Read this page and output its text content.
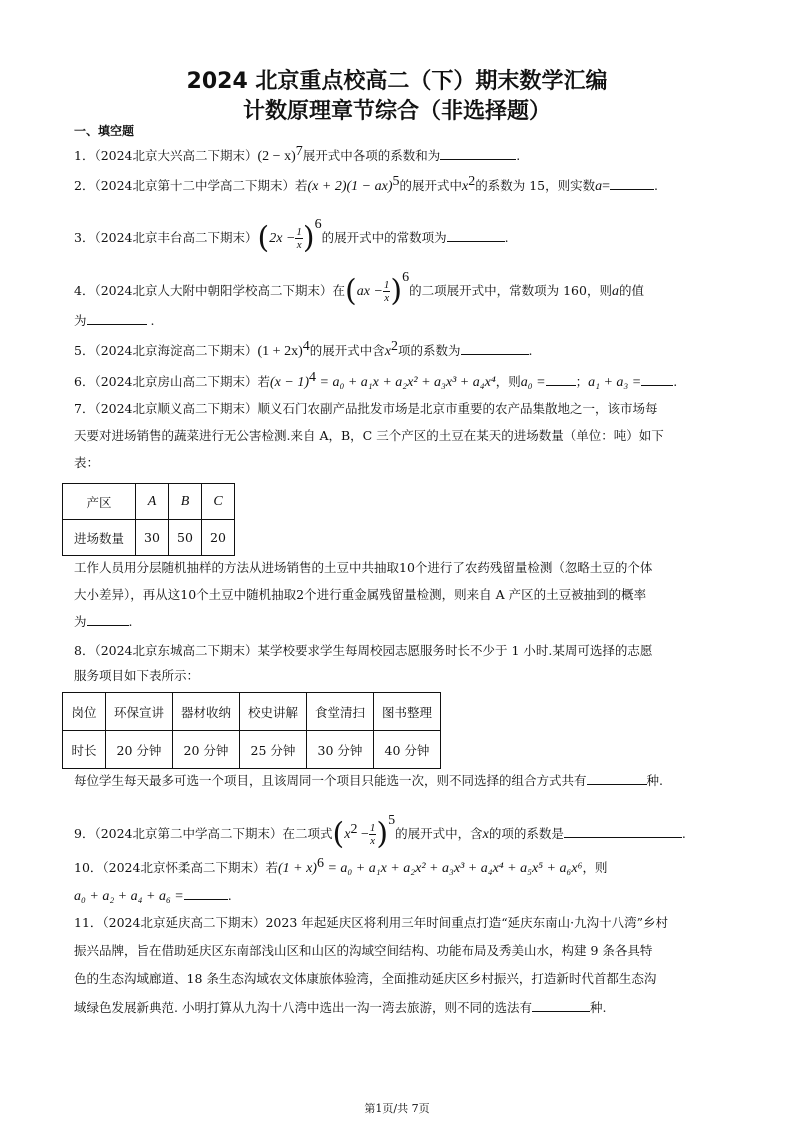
2024 北京重点校高二（下）期末数学汇编
计数原理章节综合（非选择题）
一、填空题
1．（2024北京大兴高二下期末）$(2 - x)^7$展开式中各项的系数和为	.
2．（2024北京第十二中学高二下期末）若(x + 2)(1 − ax)$^5$的展开式中$x^2$的系数为 15，则实数a=	.
3．（2024北京丰台高二下期末）$(2x - \frac{1}{x} )^6$的展开式中的常数项为	.
4．（2024北京人大附中朝阳学校高二下期末）在$(ax - \frac{1}{x} )^6$的二项展开式中，常数项为 160，则a的值
为	.
5．（2024北京海淀高二下期末）$(1 + 2x)^4$的展开式中含$x^2$项的系数为	.
6．（2024北京房山高二下期末）若$(x - 1)^4 = a_0 + a_1x + a_2x^2 + a_3x^3 + a_4x^4$，则a₀ = ；a₁ + a₃ =	.
7．（2024北京顺义高二下期末）顺义石门农副产品批发市场是北京市重要的农产品集散地之一，该市场每
天要对进场销售的蔬菜进行无公害检测.来自 A，B，C 三个产区的土豆在某天的进场数量（单位：吨）如下
表：
产区	A	B	C
进场数量	30	50	20
工作人员用分层随机抽样的方法从进场销售的土豆中共抽取10个进行了农药残留量检测（忽略土豆的个体
大小差异），再从这10个土豆中随机抽取2个进行重金属残留量检测，则来自 A 产区的土豆被抽到的概率
为	.
8．（2024北京东城高二下期末）某学校要求学生每周校园志愿服务时长不少于 1 小时.某周可选择的志愿
服务项目如下表所示：
岗位	环保宣讲	器材收纳	校史讲解	食堂清扫	图书整理
时长	20 分钟	20 分钟	25 分钟	30 分钟	40 分钟
每位学生每天最多可选一个项目，且该周同一个项目只能选一次，则不同选择的组合方式共有	种.
9．（2024北京第二中学高二下期末）在二项式$(x^2 - \frac{1}{x} )^5$的展开式中，含x的项的系数是	.
10．（2024北京怀柔高二下期末）若$(1 + x)^6 = a_0 + a_1x + a_2x^2 + a_3x^3 + a_4x^4 + a_5x^5 + a_6x^6$，则
a₀ + a₂ + a₄ + a₆ =	.
11．（2024北京延庆高二下期末）2023 年起延庆区将利用三年时间重点打造“延庆东南山·九沟十八湾”乡村
振兴品牌，旨在借助延庆区东南部浅山区和山区的沟域空间结构、功能布局及秀美山水，构建 9 条各具特
色的生态沟域廊道、18 条生态沟域农文体康旅体验湾，全面推动延庆区乡村振兴，打造新时代首都生态沟
域绿色发展新典范. 小明打算从九沟十八湾中选出一沟一湾去旅游，则不同的选法有	种.
第1页/共 7页
